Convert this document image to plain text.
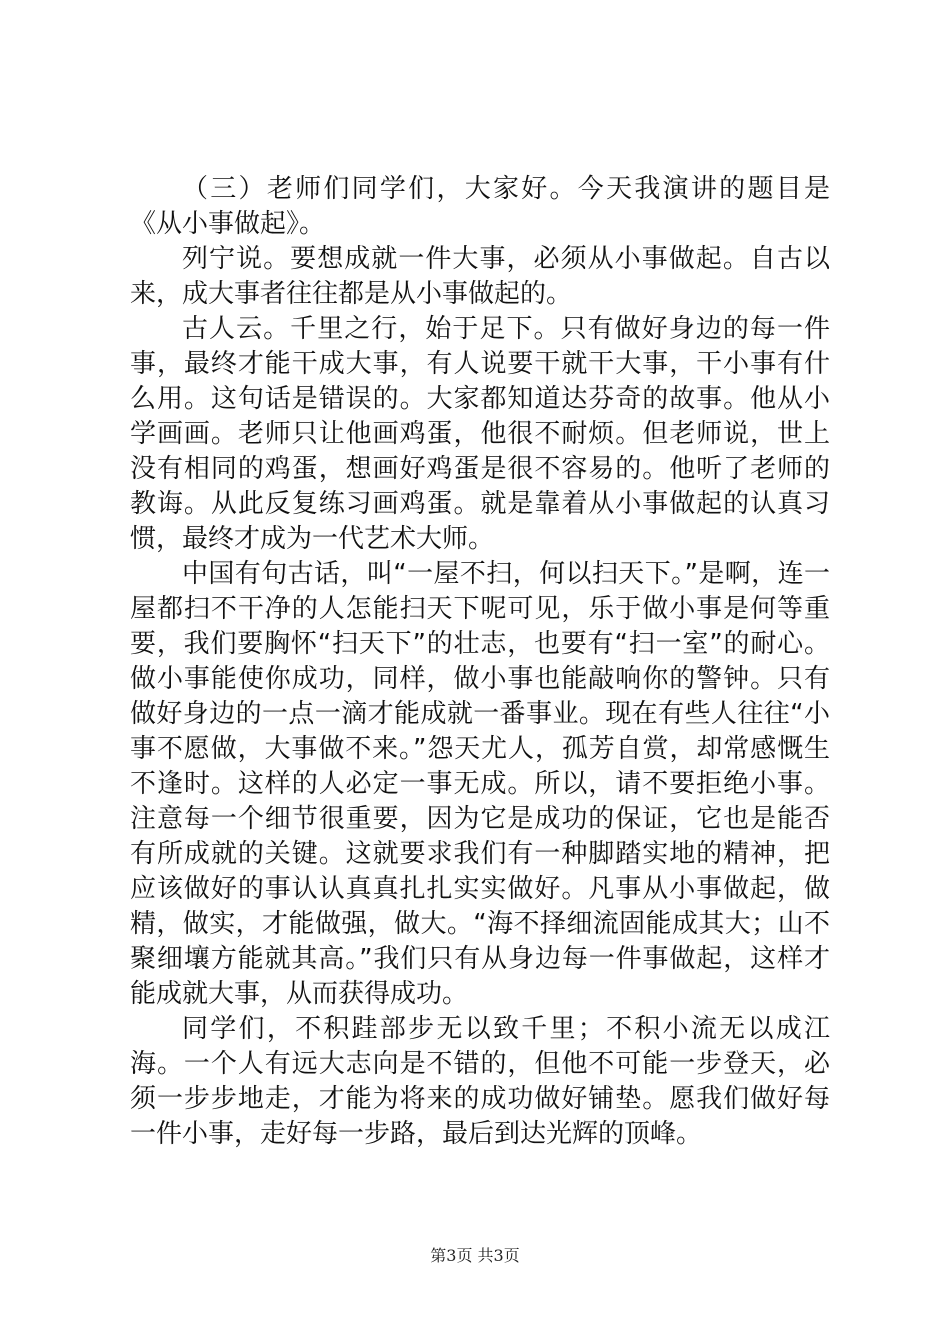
（三）老师们同学们，大家好。今天我演讲的题目是《从小事做起》。

列宁说。要想成就一件大事，必须从小事做起。自古以来，成大事者往往都是从小事做起的。

古人云。千里之行，始于足下。只有做好身边的每一件事，最终才能干成大事，有人说要干就干大事，干小事有什么用。这句话是错误的。大家都知道达芬奇的故事。他从小学画画。老师只让他画鸡蛋，他很不耐烦。但老师说，世上没有相同的鸡蛋，想画好鸡蛋是很不容易的。他听了老师的教诲。从此反复练习画鸡蛋。就是靠着从小事做起的认真习惯，最终才成为一代艺术大师。

中国有句古话，叫“一屋不扫，何以扫天下。”是啊，连一屋都扫不干净的人怎能扫天下呢可见，乐于做小事是何等重要，我们要胸怀“扫天下”的壮志，也要有“扫一室”的耐心。做小事能使你成功，同样，做小事也能敲响你的警钟。只有做好身边的一点一滴才能成就一番事业。现在有些人往往“小事不愿做，大事做不来。”怨天尤人，孤芳自赏，却常感慨生不逢时。这样的人必定一事无成。所以，请不要拒绝小事。注意每一个细节很重要，因为它是成功的保证，它也是能否有所成就的关键。这就要求我们有一种脚踏实地的精神，把应该做好的事认认真真扎扎实实做好。凡事从小事做起，做精，做实，才能做强，做大。“海不择细流固能成其大；山不聚细壤方能就其高。”我们只有从身边每一件事做起，这样才能成就大事，从而获得成功。

同学们，不积跬部步无以致千里；不积小流无以成江海。一个人有远大志向是不错的，但他不可能一步登天，必须一步步地走，才能为将来的成功做好铺垫。愿我们做好每一件小事，走好每一步路，最后到达光辉的顶峰。

第3页 共3页
